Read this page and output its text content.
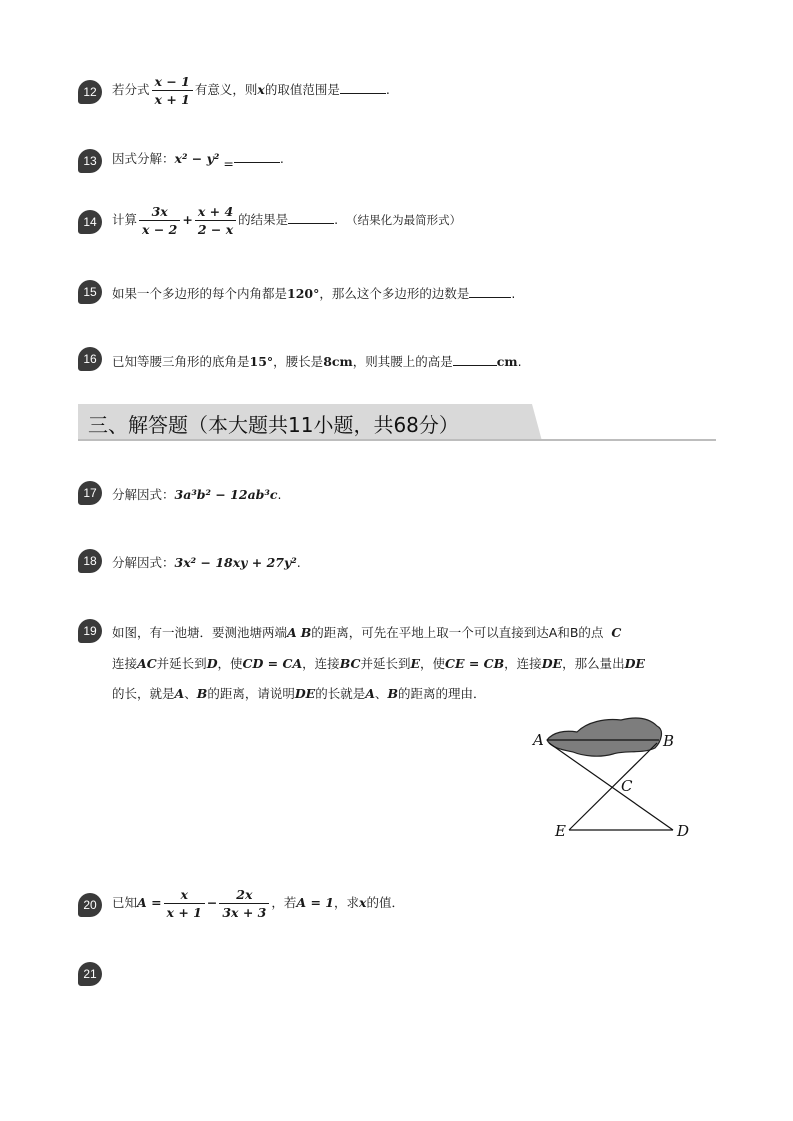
12	若分式 $\frac{x - 1}{x + 1}$ 有意义，则x的取值范围是	.
13	因式分解：x² − y² =	.
14	计算 $\frac{3x}{x - 2} + \frac{x + 4}{2 - x}$ 的结果是	. （结果化为最简形式）
15	如果一个多边形的每个内角都是120°，那么这个多边形的边数是	.
16	已知等腰三角形的底角是15°，腰长是8cm，则其腰上的高是	cm.
三、解答题（本大题共11小题，共68分）
17	分解因式：3a³b² − 12ab³c.
18	分解因式：3x² − 18xy + 27y².
19	如图，有一池塘．要测池塘两端A B的距离，可先在平地上取一个可以直接到达A和B的点 C
连接AC并延长到D，使CD = CA，连接BC并延长到E，使CE = CB，连接DE，那么量出DE
的长，就是A、B的距离，请说明DE的长就是A、B的距离的理由．
A	B
C
E	D
20	已知$A = \frac{x}{x + 1} - \frac{2x}{3x + 3}$ ，若A = 1，求x的值．
21
